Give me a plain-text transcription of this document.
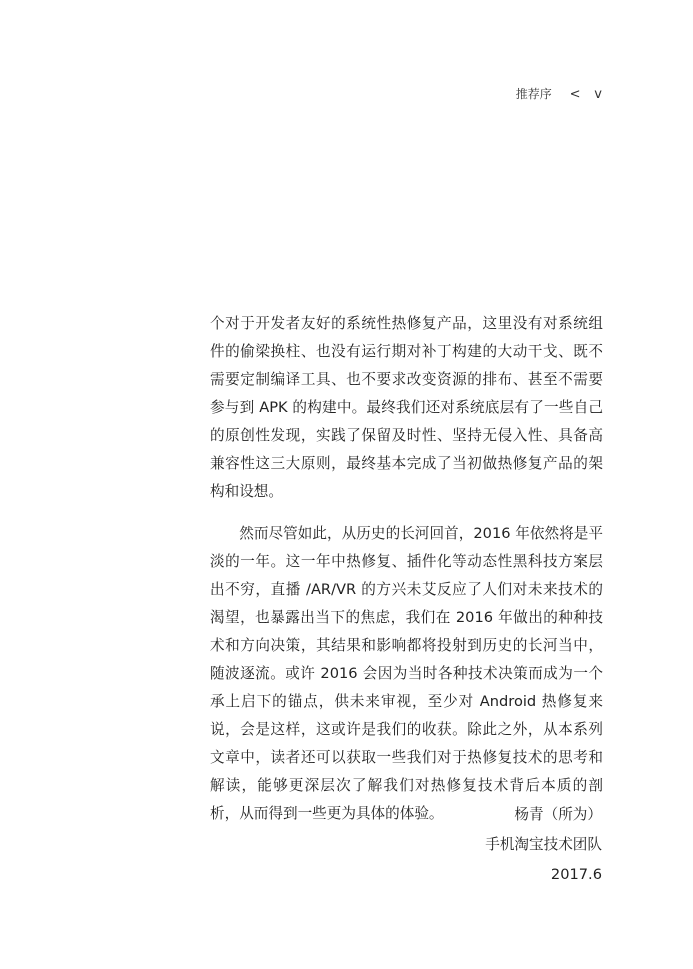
推荐序 < v

个对于开发者友好的系统性热修复产品，这里没有对系统组件的偷梁换柱、也没有运行期对补丁构建的大动干戈、既不需要定制编译工具、也不要求改变资源的排布、甚至不需要参与到 APK 的构建中。最终我们还对系统底层有了一些自己的原创性发现，实践了保留及时性、坚持无侵入性、具备高兼容性这三大原则，最终基本完成了当初做热修复产品的架构和设想。

然而尽管如此，从历史的长河回首，2016 年依然将是平淡的一年。这一年中热修复、插件化等动态性黑科技方案层出不穷，直播 /AR/VR 的方兴未艾反应了人们对未来技术的渴望，也暴露出当下的焦虑，我们在 2016 年做出的种种技术和方向决策，其结果和影响都将投射到历史的长河当中，随波逐流。或许 2016 会因为当时各种技术决策而成为一个承上启下的锚点，供未来审视，至少对 Android 热修复来说，会是这样，这或许是我们的收获。除此之外，从本系列文章中，读者还可以获取一些我们对于热修复技术的思考和解读，能够更深层次了解我们对热修复技术背后本质的剖析，从而得到一些更为具体的体验。	杨青（所为）
手机淘宝技术团队
2017.6
